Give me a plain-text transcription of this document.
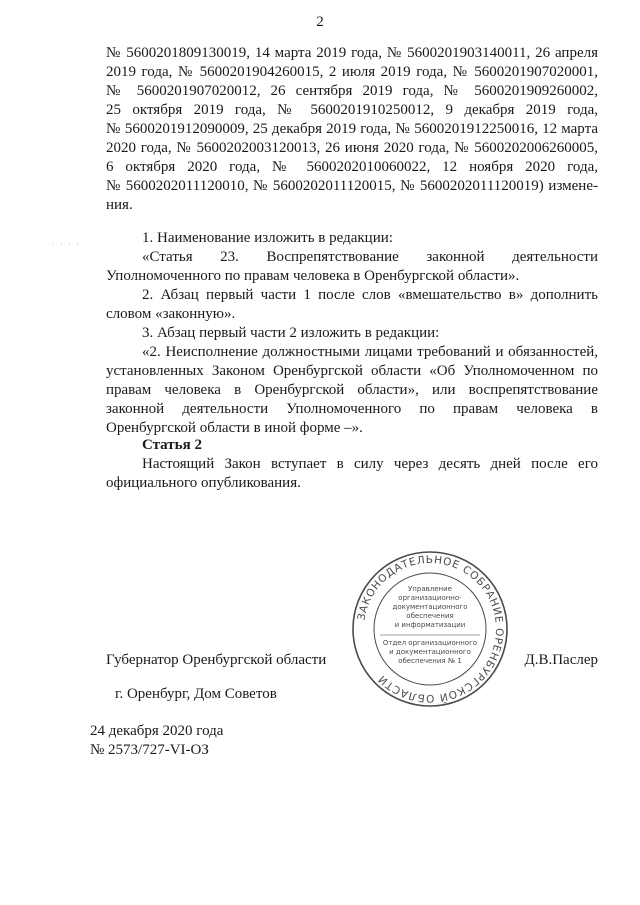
2

№ 5600201809130019, 14 марта 2019 года, № 5600201903140011, 26 апреля

2019 года, № 5600201904260015, 2 июля 2019 года, № 5600201907020001,

№ 5600201907020012, 26 сентября 2019 года, № 5600201909260002,

25 октября 2019 года, № 5600201910250012, 9 декабря 2019 года,

№ 5600201912090009, 25 декабря 2019 года, № 5600201912250016, 12 марта

2020 года, № 5600202003120013, 26 июня 2020 года, № 5600202006260005,

6 октября 2020 года, № 5600202010060022, 12 ноября 2020 года,

№ 5600202011120010, № 5600202011120015, № 5600202011120019) измене-

ния.

· · · ·	1. Наименование изложить в редакции:

«Статья 23. Воспрепятствование законной деятельности Уполномоченного по правам человека в Оренбургской области».

2. Абзац первый части 1 после слов «вмешательство в» дополнить словом «законную».

3. Абзац первый части 2 изложить в редакции:

«2. Неисполнение должностными лицами требований и обязанностей, установленных Законом Оренбургской области «Об Уполномоченном по правам человека в Оренбургской области», или воспрепятствование законной деятельности Уполномоченного по правам человека в Оренбургской области в иной форме –».

Статья 2

Настоящий Закон вступает в силу через десять дней после его официального опубликования.

ЗАКОНОДАТЕЛЬНОЕ СОБРАНИЕ ОРЕНБУРГСКОЙ ОБЛАСТИ
Управление
организационно-
документационного
обеспечения
и информатизации
Отдел организационного
и документационного
обеспечения № 1
Губернатор Оренбургской области	Д.В.Паслер
г. Оренбург, Дом Советов
24 декабря 2020 года
№ 2573/727-VI-ОЗ
